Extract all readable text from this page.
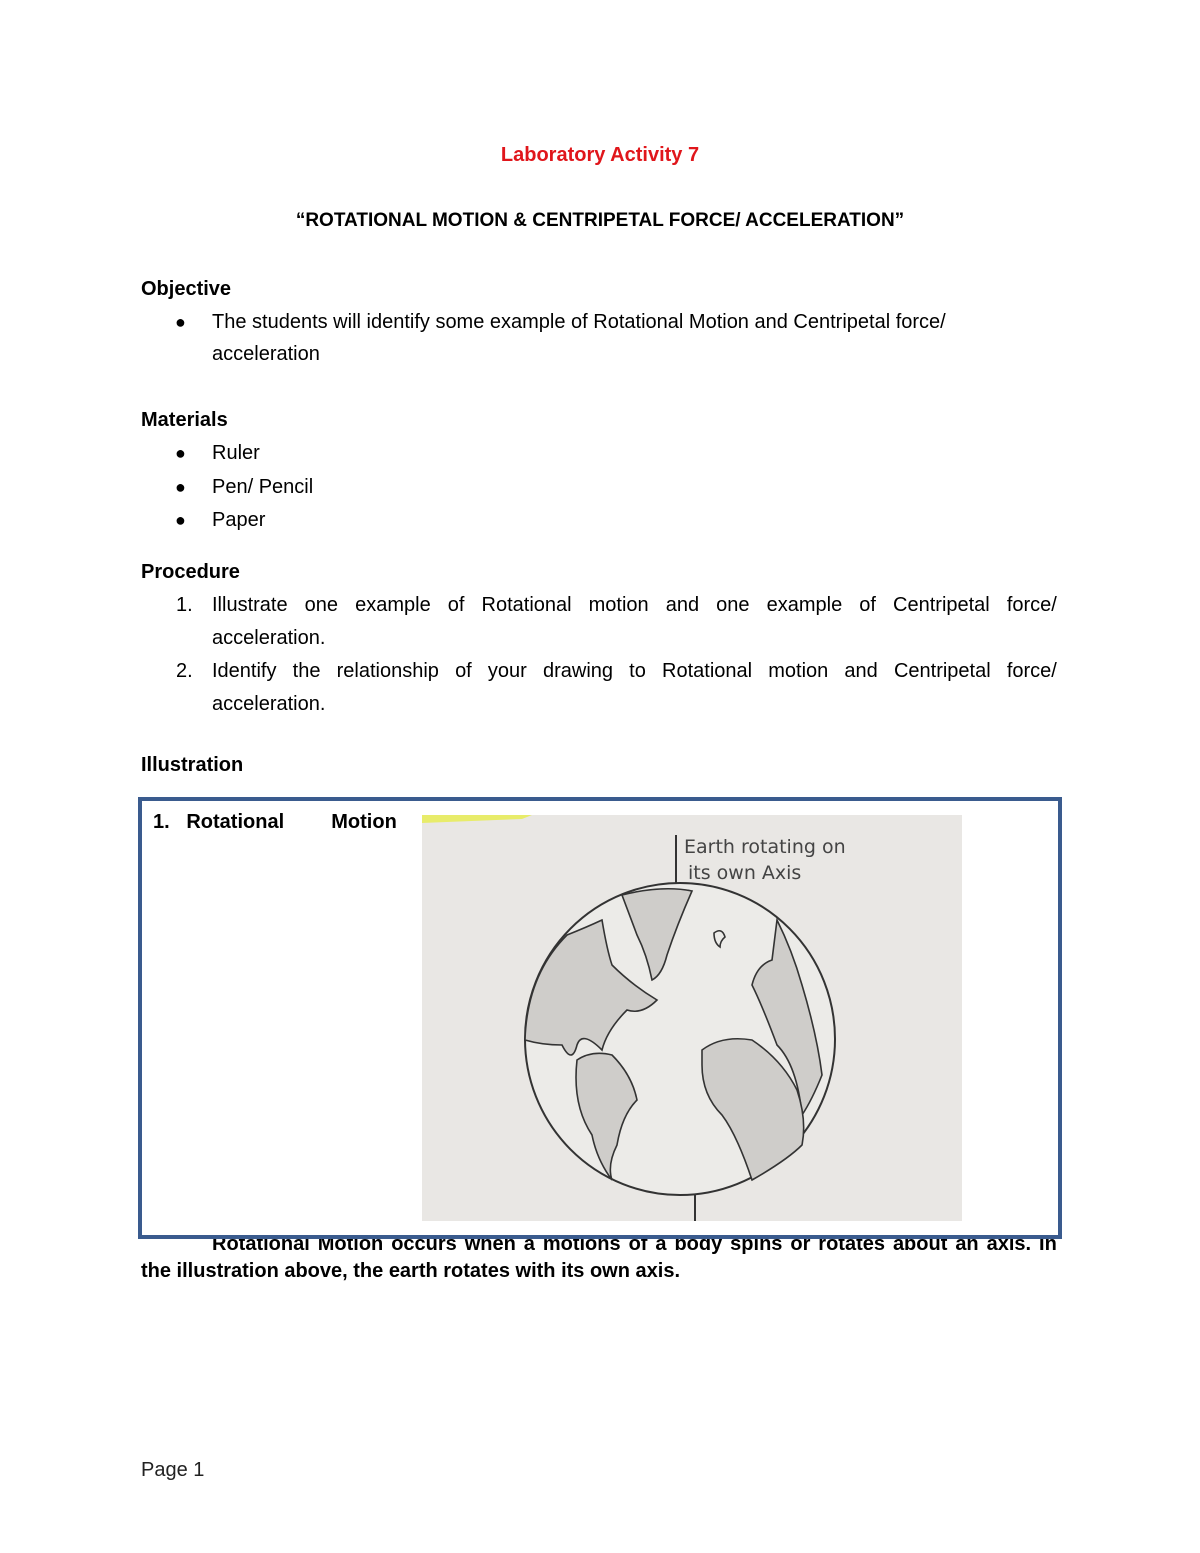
Laboratory Activity 7
“ROTATIONAL MOTION & CENTRIPETAL FORCE/ ACCELERATION”
Objective
● The students will identify some example of Rotational Motion and Centripetal force/
acceleration
Materials
● Ruler
● Pen/ Pencil
● Paper
Procedure
1. Illustrate one example of Rotational motion and one example of Centripetal force/
acceleration.
2. Identify the relationship of your drawing to Rotational motion and Centripetal force/
acceleration.
Illustration
Rotational Motion occurs when a motions of a body spins or rotates about an axis. In
the illustration above, the earth rotates with its own axis.
1. Rotational Motion
Earth rotating on
its own Axis
Page 1
